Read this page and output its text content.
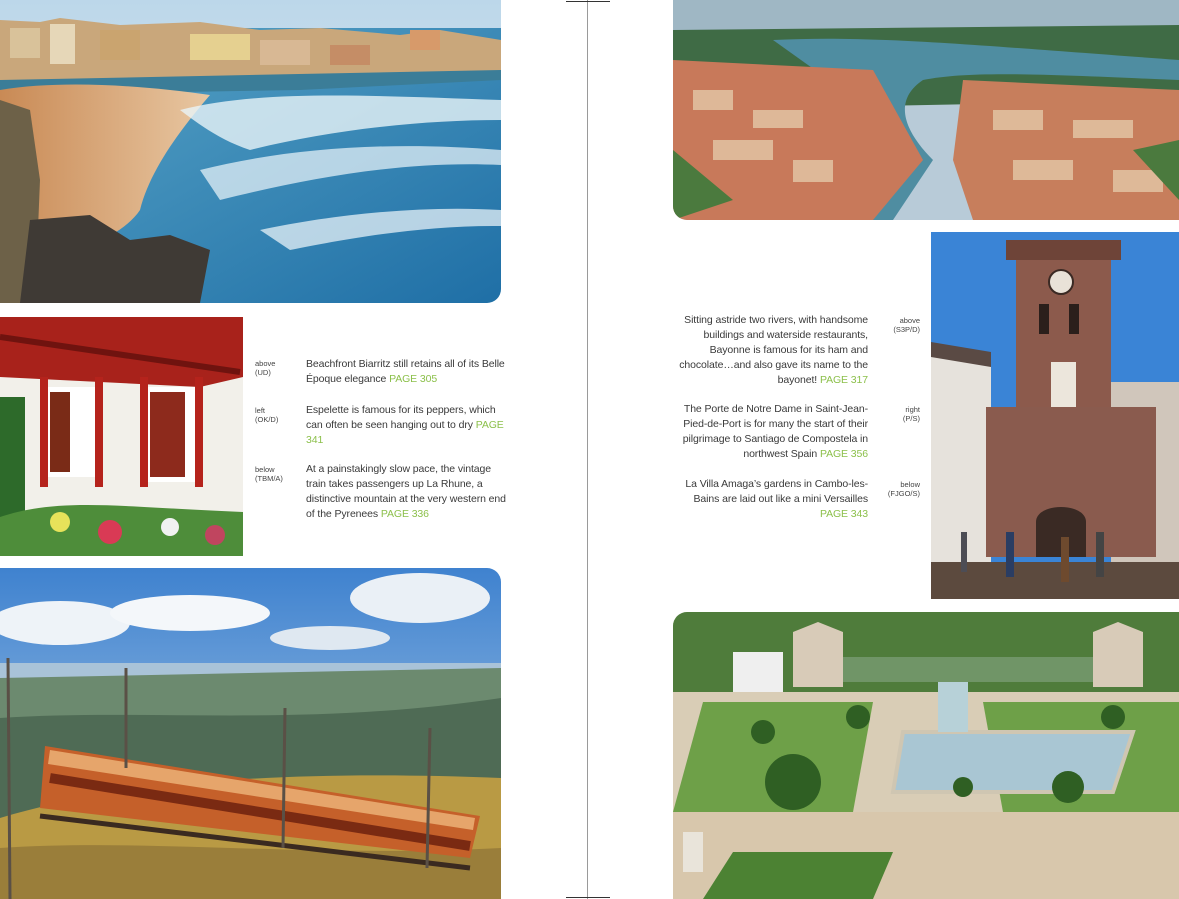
above
(UD)
Beachfront Biarritz still retains all of its Belle Époque elegance PAGE 305
left
(OK/D)
Espelette is famous for its peppers, which can often be seen hanging out to dry PAGE 341
below
(TBM/A)
At a painstakingly slow pace, the vintage train takes passengers up La Rhune, a distinctive mountain at the very western end of the Pyrenees PAGE 336
Sitting astride two rivers, with handsome buildings and waterside restaurants, Bayonne is famous for its ham and chocolate…and also gave its name to the bayonet! PAGE 317
above
(S3P/D)
The Porte de Notre Dame in Saint-Jean-Pied-de-Port is for many the start of their pilgrimage to Santiago de Compostela in northwest Spain PAGE 356
right
(P/S)
La Villa Amaga’s gardens in Cambo-les-Bains are laid out like a mini Versailles PAGE 343
below
(FJGO/S)
